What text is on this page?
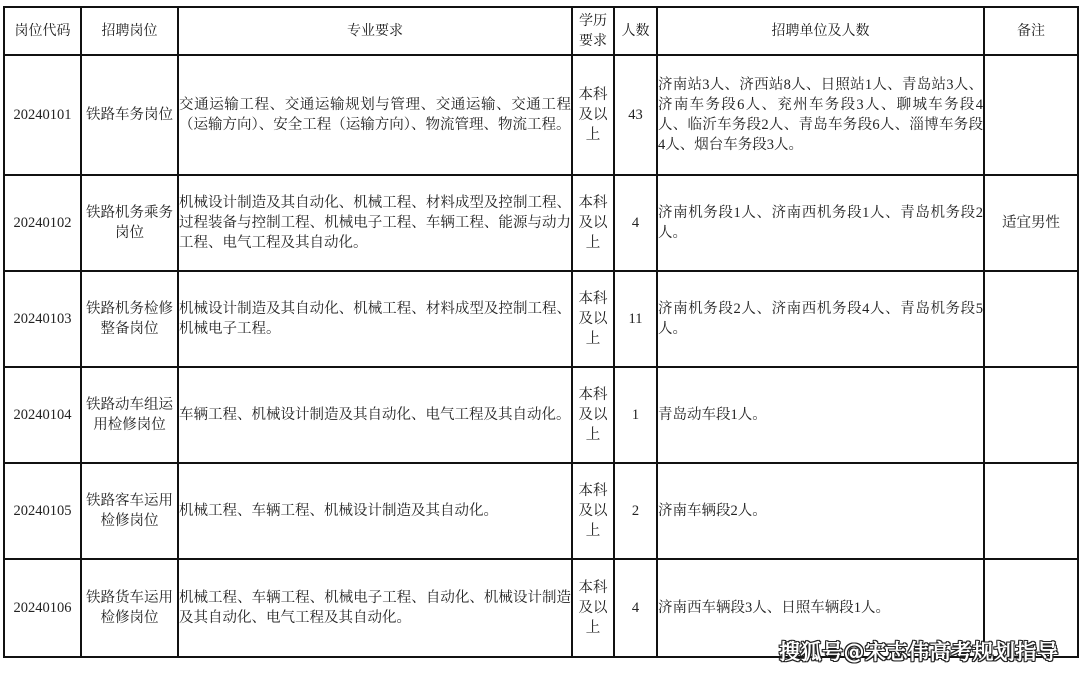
岗位代码	招聘岗位	专业要求	学历要求	人数	招聘单位及人数	备注
20240101	铁路车务岗位	交通运输工程、交通运输规划与管理、交通运输、交通工程（运输方向）、安全工程（运输方向）、物流管理、物流工程。	本科及以上	43	济南站3人、济西站8人、日照站1人、青岛站3人、济南车务段6人、兖州车务段3人、聊城车务段4人、临沂车务段2人、青岛车务段6人、淄博车务段4人、烟台车务段3人。	
20240102	铁路机务乘务岗位	机械设计制造及其自动化、机械工程、材料成型及控制工程、过程装备与控制工程、机械电子工程、车辆工程、能源与动力工程、电气工程及其自动化。	本科及以上	4	济南机务段1人、济南西机务段1人、青岛机务段2人。	适宜男性
20240103	铁路机务检修整备岗位	机械设计制造及其自动化、机械工程、材料成型及控制工程、机械电子工程。	本科及以上	11	济南机务段2人、济南西机务段4人、青岛机务段5人。	
20240104	铁路动车组运用检修岗位	车辆工程、机械设计制造及其自动化、电气工程及其自动化。	本科及以上	1	青岛动车段1人。	
20240105	铁路客车运用检修岗位	机械工程、车辆工程、机械设计制造及其自动化。	本科及以上	2	济南车辆段2人。	
20240106	铁路货车运用检修岗位	机械工程、车辆工程、机械电子工程、自动化、机械设计制造及其自动化、电气工程及其自动化。	本科及以上	4	济南西车辆段3人、日照车辆段1人。	
搜狐号@宋志伟高考规划指导
